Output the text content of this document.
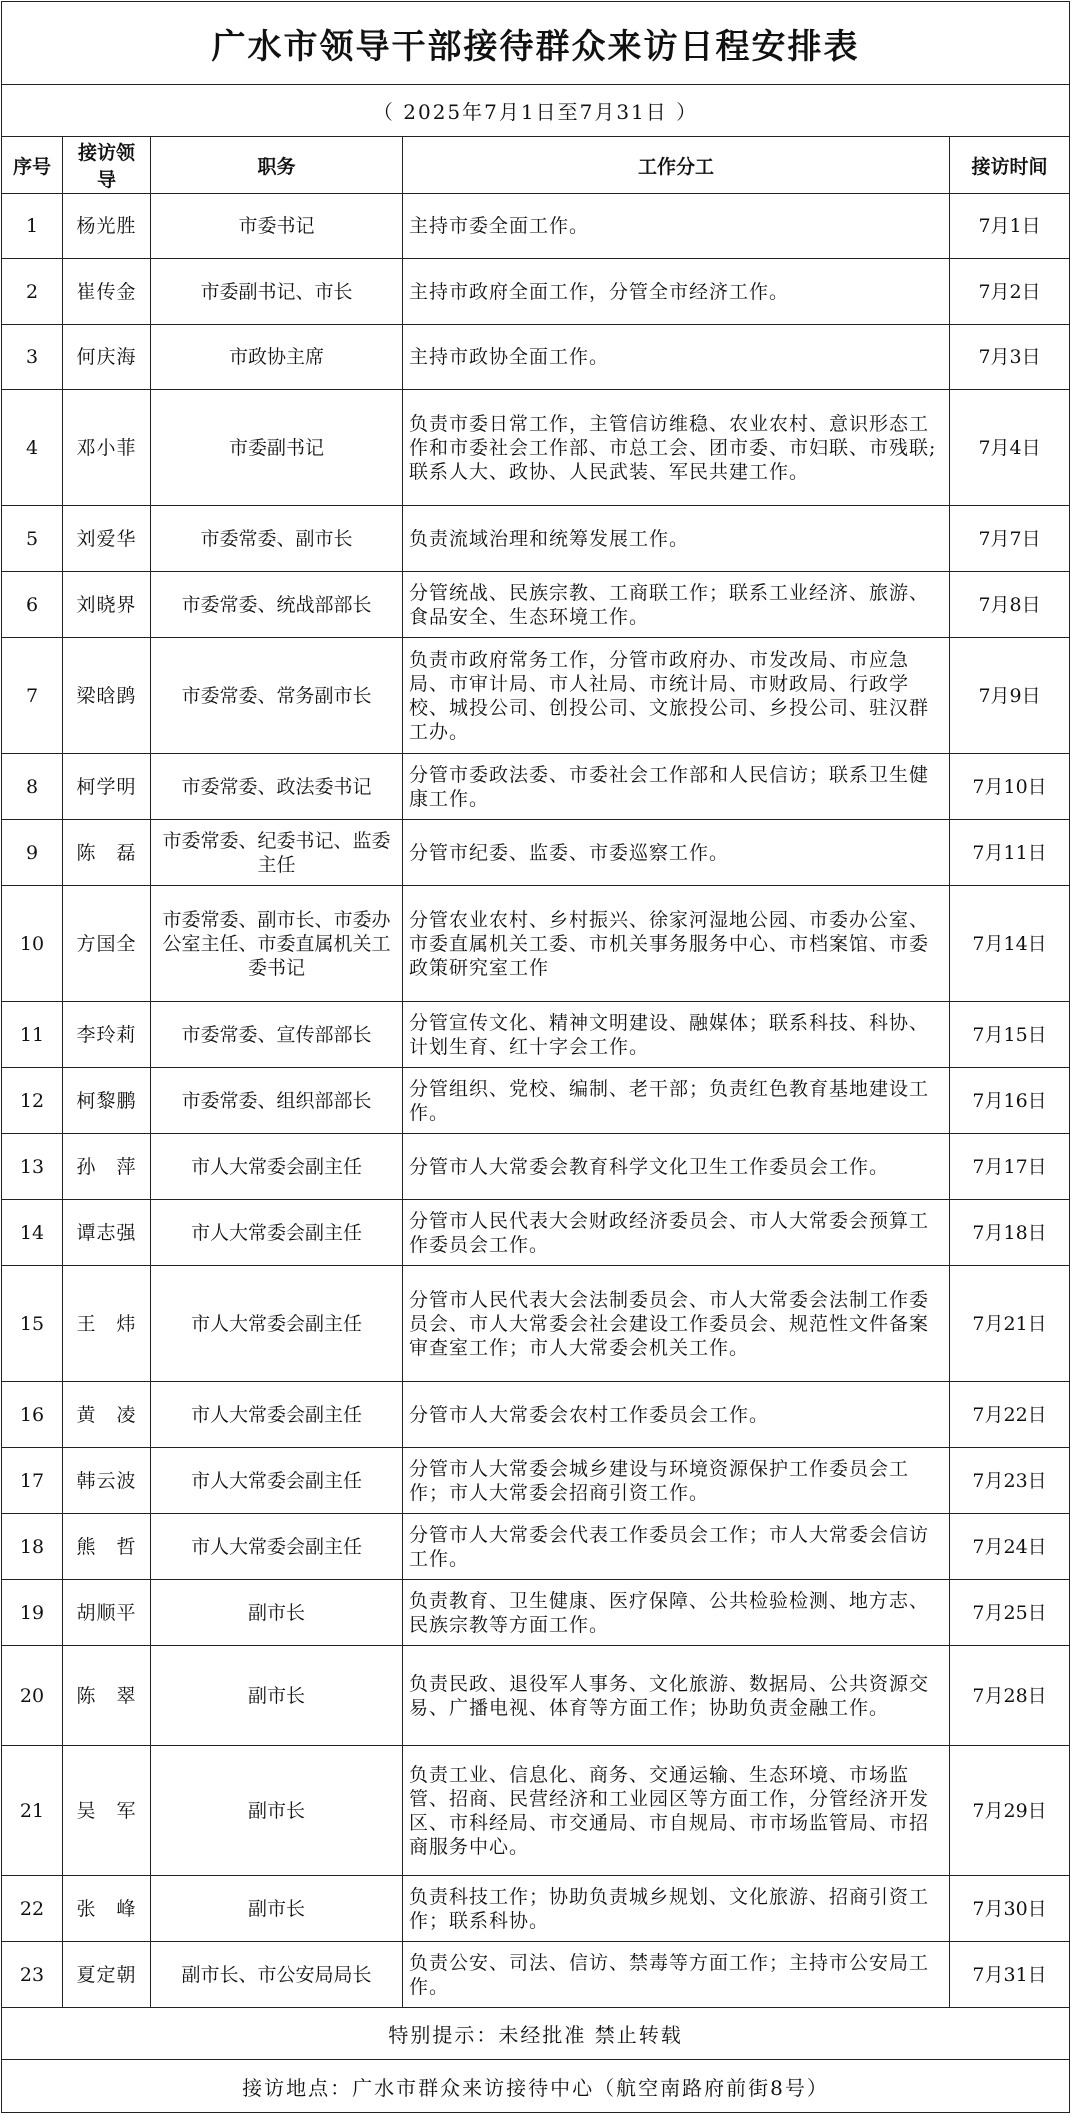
广水市领导干部接待群众来访日程安排表				
（ 2025年7月1日至7月31日 ）				
序号	接访领导	职务	工作分工	接访时间
1	杨光胜	市委书记	主持市委全面工作。	7月1日
2	崔传金	市委副书记、市长	主持市政府全面工作，分管全市经济工作。	7月2日
3	何庆海	市政协主席	主持市政协全面工作。	7月3日
4	邓小菲	市委副书记	负责市委日常工作，主管信访维稳、农业农村、意识形态工作和市委社会工作部、市总工会、团市委、市妇联、市残联;联系人大、政协、人民武装、军民共建工作。	7月4日
5	刘爱华	市委常委、副市长	负责流域治理和统筹发展工作。	7月7日
6	刘晓界	市委常委、统战部部长	分管统战、民族宗教、工商联工作；联系工业经济、旅游、食品安全、生态环境工作。	7月8日
7	梁晗鹍	市委常委、常务副市长	负责市政府常务工作，分管市政府办、市发改局、市应急局、市审计局、市人社局、市统计局、市财政局、行政学校、城投公司、创投公司、文旅投公司、乡投公司、驻汉群工办。	7月9日
8	柯学明	市委常委、政法委书记	分管市委政法委、市委社会工作部和人民信访；联系卫生健康工作。	7月10日
9	陈　磊	市委常委、纪委书记、监委主任	分管市纪委、监委、市委巡察工作。	7月11日
10	方国全	市委常委、副市长、市委办公室主任、市委直属机关工委书记	分管农业农村、乡村振兴、徐家河湿地公园、市委办公室、市委直属机关工委、市机关事务服务中心、市档案馆、市委政策研究室工作	7月14日
11	李玲莉	市委常委、宣传部部长	分管宣传文化、精神文明建设、融媒体；联系科技、科协、计划生育、红十字会工作。	7月15日
12	柯黎鹏	市委常委、组织部部长	分管组织、党校、编制、老干部；负责红色教育基地建设工作。	7月16日
13	孙　萍	市人大常委会副主任	分管市人大常委会教育科学文化卫生工作委员会工作。	7月17日
14	谭志强	市人大常委会副主任	分管市人民代表大会财政经济委员会、市人大常委会预算工作委员会工作。	7月18日
15	王　炜	市人大常委会副主任	分管市人民代表大会法制委员会、市人大常委会法制工作委员会、市人大常委会社会建设工作委员会、规范性文件备案审查室工作；市人大常委会机关工作。	7月21日
16	黄　凌	市人大常委会副主任	分管市人大常委会农村工作委员会工作。	7月22日
17	韩云波	市人大常委会副主任	分管市人大常委会城乡建设与环境资源保护工作委员会工作；市人大常委会招商引资工作。	7月23日
18	熊　哲	市人大常委会副主任	分管市人大常委会代表工作委员会工作；市人大常委会信访工作。	7月24日
19	胡顺平	副市长	负责教育、卫生健康、医疗保障、公共检验检测、地方志、民族宗教等方面工作。	7月25日
20	陈　翠	副市长	负责民政、退役军人事务、文化旅游、数据局、公共资源交易、广播电视、体育等方面工作；协助负责金融工作。	7月28日
21	吴　军	副市长	负责工业、信息化、商务、交通运输、生态环境、市场监管、招商、民营经济和工业园区等方面工作，分管经济开发区、市科经局、市交通局、市自规局、市市场监管局、市招商服务中心。	7月29日
22	张　峰	副市长	负责科技工作；协助负责城乡规划、文化旅游、招商引资工作；联系科协。	7月30日
23	夏定朝	副市长、市公安局局长	负责公安、司法、信访、禁毒等方面工作；主持市公安局工作。	7月31日
特别提示：未经批准 禁止转载				
接访地点：广水市群众来访接待中心（航空南路府前街8号）				
